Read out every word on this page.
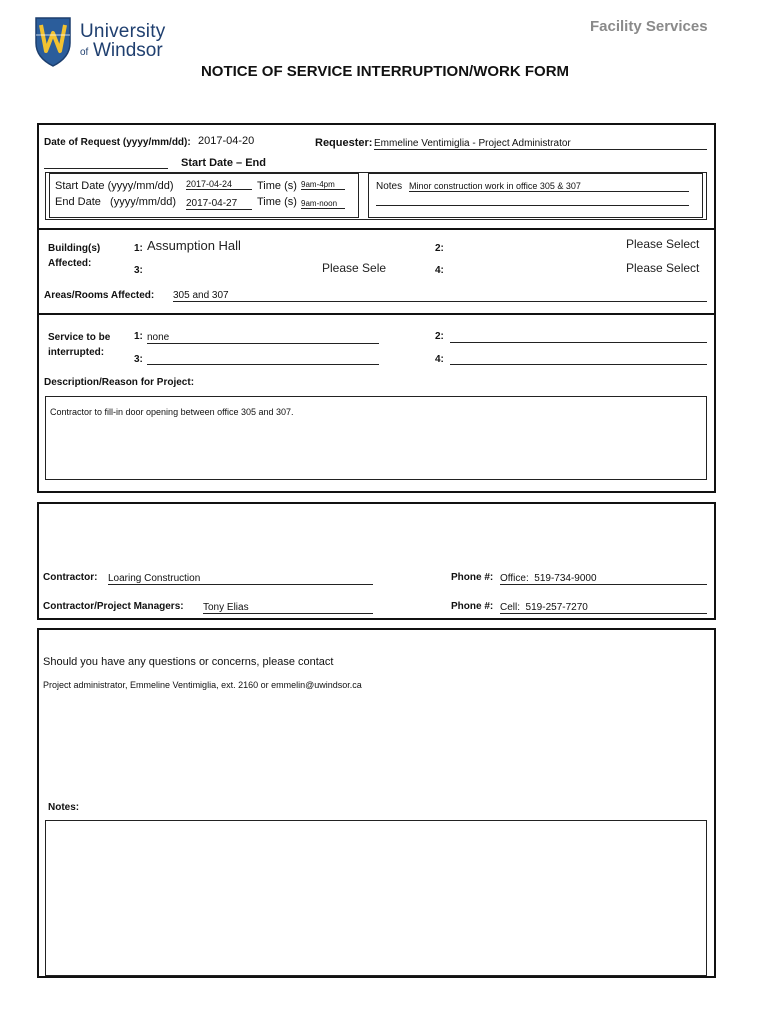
University
of Windsor
Facility Services
NOTICE OF SERVICE INTERRUPTION/WORK FORM
Date of Request (yyyy/mm/dd): 2017-04-20	Requester: Emmeline Ventimiglia - Project Administrator
Start Date – End
Start Date (yyyy/mm/dd) 2017-04-24	Time (s) 9am-4pm
End Date   (yyyy/mm/dd) 2017-04-27	Time (s) 9am-noon
Notes Minor construction work in office 305 & 307
Building(s)
Affected:
1: Assumption Hall	2:	Please Select
3:	Please Sele	4:	Please Select
Areas/Rooms Affected: 305 and 307
Service to be
interrupted:
1: none	2:
3:	4:
Description/Reason for Project:
Contractor to fill-in door opening between office 305 and 307.
Contractor: Loaring Construction	Phone #: Office:  519-734-9000
Contractor/Project Managers: Tony Elias	Phone #: Cell:  519-257-7270
Should you have any questions or concerns, please contact
Project administrator, Emmeline Ventimiglia, ext. 2160 or emmelin@uwindsor.ca
Notes:
